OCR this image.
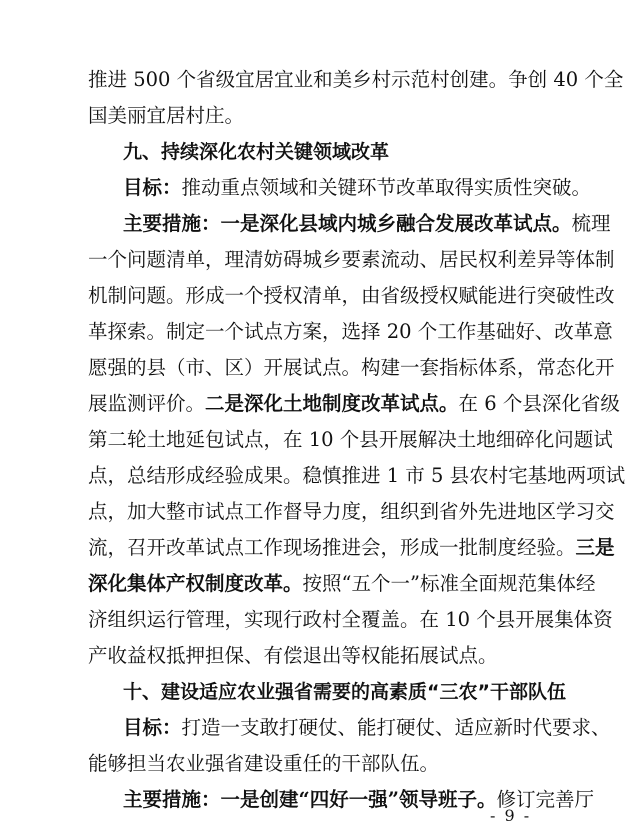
推进 500 个省级宜居宜业和美乡村示范村创建。争创 40 个全
国美丽宜居村庄。
九、持续深化农村关键领域改革
目标：推动重点领域和关键环节改革取得实质性突破。
主要措施：一是深化县域内城乡融合发展改革试点。梳理
一个问题清单，理清妨碍城乡要素流动、居民权利差异等体制
机制问题。形成一个授权清单，由省级授权赋能进行突破性改
革探索。制定一个试点方案，选择 20 个工作基础好、改革意
愿强的县（市、区）开展试点。构建一套指标体系，常态化开
展监测评价。二是深化土地制度改革试点。在 6 个县深化省级
第二轮土地延包试点，在 10 个县开展解决土地细碎化问题试
点，总结形成经验成果。稳慎推进 1 市 5 县农村宅基地两项试
点，加大整市试点工作督导力度，组织到省外先进地区学习交
流，召开改革试点工作现场推进会，形成一批制度经验。三是
深化集体产权制度改革。按照“五个一”标准全面规范集体经
济组织运行管理，实现行政村全覆盖。在 10 个县开展集体资
产收益权抵押担保、有偿退出等权能拓展试点。
十、建设适应农业强省需要的高素质“三农”干部队伍
目标：打造一支敢打硬仗、能打硬仗、适应新时代要求、
能够担当农业强省建设重任的干部队伍。
主要措施：一是创建“四好一强”领导班子。修订完善厅
- 9 -
